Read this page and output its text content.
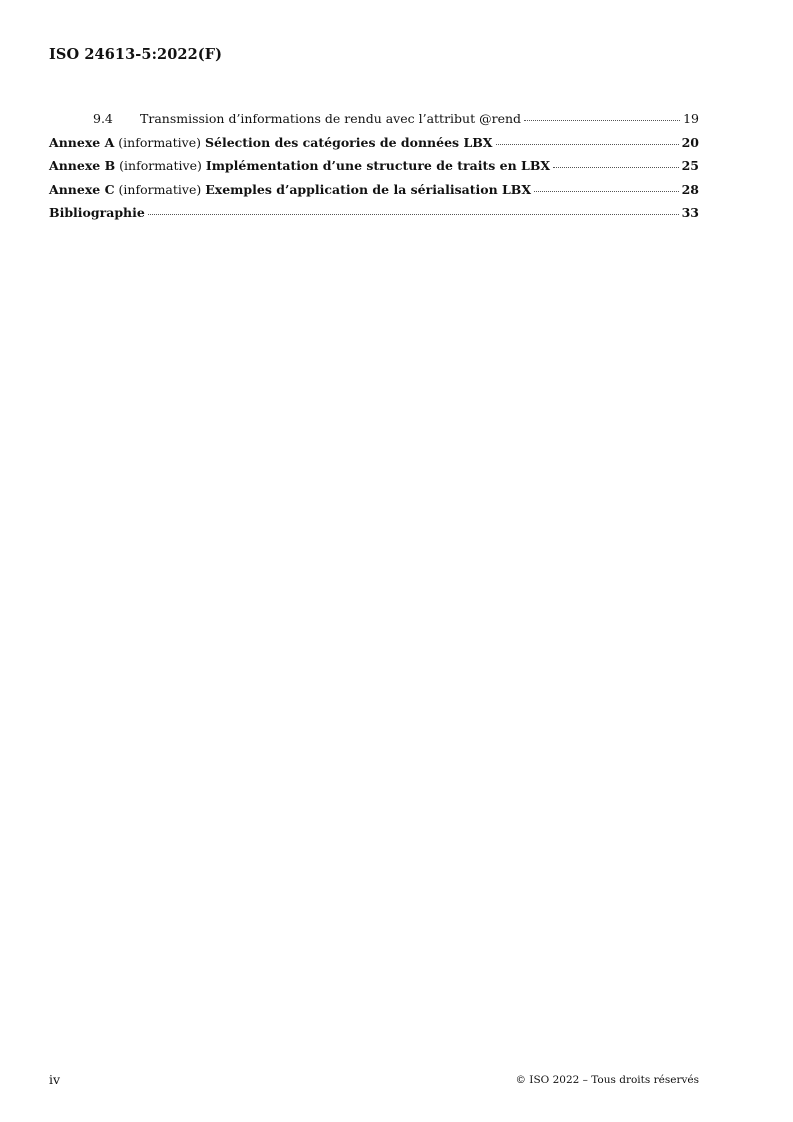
ISO 24613-5:2022(F)
9.4	Transmission d’informations de rendu avec l’attribut @rend	19
Annexe A (informative) Sélection des catégories de données LBX	20
Annexe B (informative) Implémentation d’une structure de traits en LBX	25
Annexe C (informative) Exemples d’application de la sérialisation LBX	28
Bibliographie	33
iv	© ISO 2022 – Tous droits réservés
